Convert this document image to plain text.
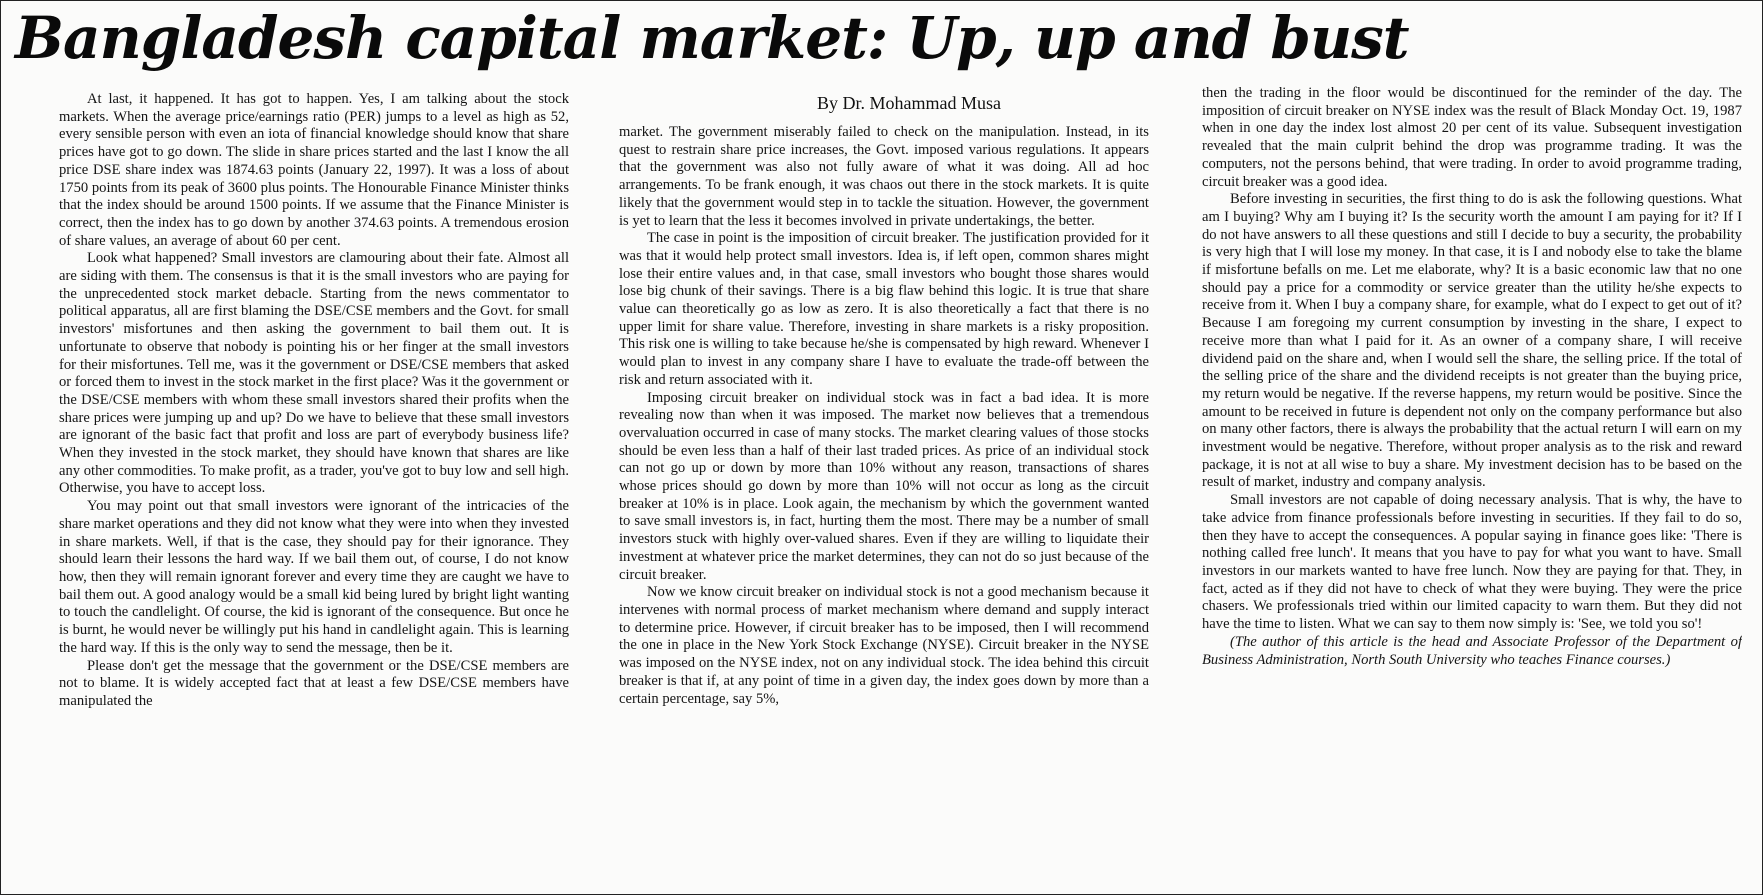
Bangladesh capital market: Up, up and bust

At last, it happened. It has got to happen. Yes, I am talking about the stock markets. When the average price/earnings ratio (PER) jumps to a level as high as 52, every sensible person with even an iota of financial knowledge should know that share prices have got to go down. The slide in share prices started and the last I know the all price DSE share index was 1874.63 points (January 22, 1997). It was a loss of about 1750 points from its peak of 3600 plus points. The Honourable Finance Minister thinks that the index should be around 1500 points. If we assume that the Finance Minister is correct, then the index has to go down by another 374.63 points. A tremendous erosion of share values, an average of about 60 per cent.

Look what happened? Small investors are clamouring about their fate. Almost all are siding with them. The consensus is that it is the small investors who are paying for the unprecedented stock market debacle. Starting from the news commentator to political apparatus, all are first blaming the DSE/CSE members and the Govt. for small investors' misfortunes and then asking the government to bail them out. It is unfortunate to observe that nobody is pointing his or her finger at the small investors for their misfortunes. Tell me, was it the government or DSE/CSE members that asked or forced them to invest in the stock market in the first place? Was it the government or the DSE/CSE members with whom these small investors shared their profits when the share prices were jumping up and up? Do we have to believe that these small investors are ignorant of the basic fact that profit and loss are part of everybody business life? When they invested in the stock market, they should have known that shares are like any other commodities. To make profit, as a trader, you've got to buy low and sell high. Otherwise, you have to accept loss.

You may point out that small investors were ignorant of the intricacies of the share market operations and they did not know what they were into when they invested in share markets. Well, if that is the case, they should pay for their ignorance. They should learn their lessons the hard way. If we bail them out, of course, I do not know how, then they will remain ignorant forever and every time they are caught we have to bail them out. A good analogy would be a small kid being lured by bright light wanting to touch the candlelight. Of course, the kid is ignorant of the consequence. But once he is burnt, he would never be willingly put his hand in candlelight again. This is learning the hard way. If this is the only way to send the message, then be it.

Please don't get the message that the government or the DSE/CSE members are not to blame. It is widely accepted fact that at least a few DSE/CSE members have manipulated the

By Dr. Mohammad Musa

market. The government miserably failed to check on the manipulation. Instead, in its quest to restrain share price increases, the Govt. imposed various regulations. It appears that the government was also not fully aware of what it was doing. All ad hoc arrangements. To be frank enough, it was chaos out there in the stock markets. It is quite likely that the government would step in to tackle the situation. However, the government is yet to learn that the less it becomes involved in private undertakings, the better.

The case in point is the imposition of circuit breaker. The justification provided for it was that it would help protect small investors. Idea is, if left open, common shares might lose their entire values and, in that case, small investors who bought those shares would lose big chunk of their savings. There is a big flaw behind this logic. It is true that share value can theoretically go as low as zero. It is also theoretically a fact that there is no upper limit for share value. Therefore, investing in share markets is a risky proposition. This risk one is willing to take because he/she is compensated by high reward. Whenever I would plan to invest in any company share I have to evaluate the trade-off between the risk and return associated with it.

Imposing circuit breaker on individual stock was in fact a bad idea. It is more revealing now than when it was imposed. The market now believes that a tremendous overvaluation occurred in case of many stocks. The market clearing values of those stocks should be even less than a half of their last traded prices. As price of an individual stock can not go up or down by more than 10% without any reason, transactions of shares whose prices should go down by more than 10% will not occur as long as the circuit breaker at 10% is in place. Look again, the mechanism by which the government wanted to save small investors is, in fact, hurting them the most. There may be a number of small investors stuck with highly over-valued shares. Even if they are willing to liquidate their investment at whatever price the market determines, they can not do so just because of the circuit breaker.

Now we know circuit breaker on individual stock is not a good mechanism because it intervenes with normal process of market mechanism where demand and supply interact to determine price. However, if circuit breaker has to be imposed, then I will recommend the one in place in the New York Stock Exchange (NYSE). Circuit breaker in the NYSE was imposed on the NYSE index, not on any individual stock. The idea behind this circuit breaker is that if, at any point of time in a given day, the index goes down by more than a certain percentage, say 5%,

then the trading in the floor would be discontinued for the reminder of the day. The imposition of circuit breaker on NYSE index was the result of Black Monday Oct. 19, 1987 when in one day the index lost almost 20 per cent of its value. Subsequent investigation revealed that the main culprit behind the drop was programme trading. It was the computers, not the persons behind, that were trading. In order to avoid programme trading, circuit breaker was a good idea.

Before investing in securities, the first thing to do is ask the following questions. What am I buying? Why am I buying it? Is the security worth the amount I am paying for it? If I do not have answers to all these questions and still I decide to buy a security, the probability is very high that I will lose my money. In that case, it is I and nobody else to take the blame if misfortune befalls on me. Let me elaborate, why? It is a basic economic law that no one should pay a price for a commodity or service greater than the utility he/she expects to receive from it. When I buy a company share, for example, what do I expect to get out of it? Because I am foregoing my current consumption by investing in the share, I expect to receive more than what I paid for it. As an owner of a company share, I will receive dividend paid on the share and, when I would sell the share, the selling price. If the total of the selling price of the share and the dividend receipts is not greater than the buying price, my return would be negative. If the reverse happens, my return would be positive. Since the amount to be received in future is dependent not only on the company performance but also on many other factors, there is always the probability that the actual return I will earn on my investment would be negative. Therefore, without proper analysis as to the risk and reward package, it is not at all wise to buy a share. My investment decision has to be based on the result of market, industry and company analysis.

Small investors are not capable of doing necessary analysis. That is why, the have to take advice from finance professionals before investing in securities. If they fail to do so, then they have to accept the consequences. A popular saying in finance goes like: 'There is nothing called free lunch'. It means that you have to pay for what you want to have. Small investors in our markets wanted to have free lunch. Now they are paying for that. They, in fact, acted as if they did not have to check of what they were buying. They were the price chasers. We professionals tried within our limited capacity to warn them. But they did not have the time to listen. What we can say to them now simply is: 'See, we told you so'!

(The author of this article is the head and Associate Professor of the Department of Business Administration, North South University who teaches Finance courses.)
